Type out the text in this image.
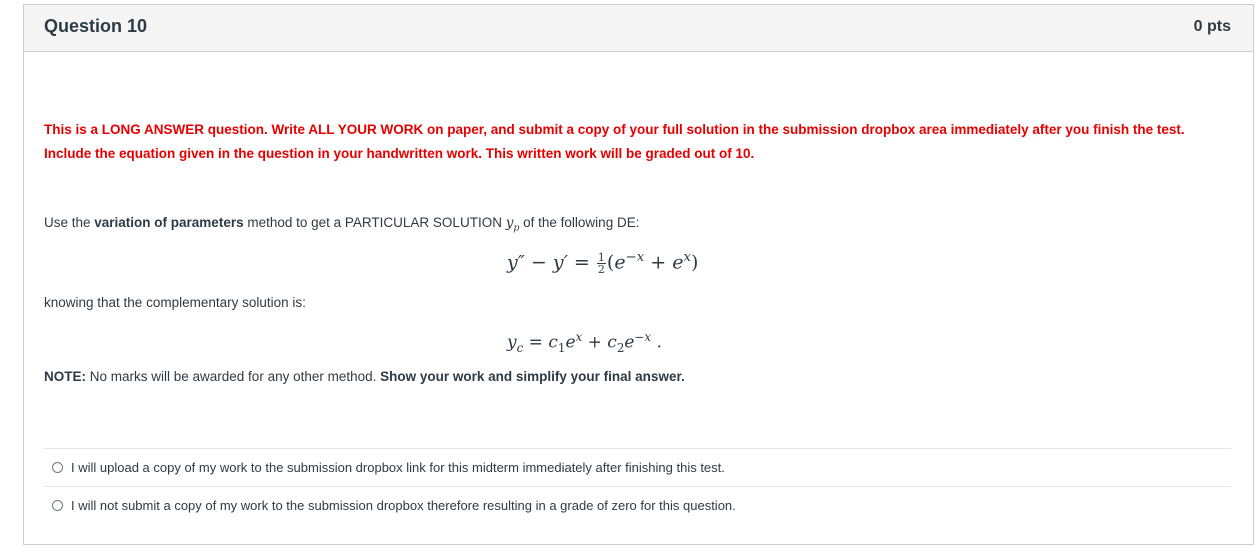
Question 10	0 pts
This is a LONG ANSWER question. Write ALL YOUR WORK on paper, and submit a copy of your full solution in the submission dropbox area immediately after you finish the test.
Include the equation given in the question in your handwritten work. This written work will be graded out of 10.
Use the variation of parameters method to get a PARTICULAR SOLUTION $y_p$ of the following DE:
$y'' - y' = \frac{1}{2} (e^{-x} + e^x)$
knowing that the complementary solution is:
$y_c = c_1e^x + c_2e^{-x}$ .
NOTE: No marks will be awarded for any other method. Show your work and simplify your final answer.
I will upload a copy of my work to the submission dropbox link for this midterm immediately after finishing this test.
I will not submit a copy of my work to the submission dropbox therefore resulting in a grade of zero for this question.
